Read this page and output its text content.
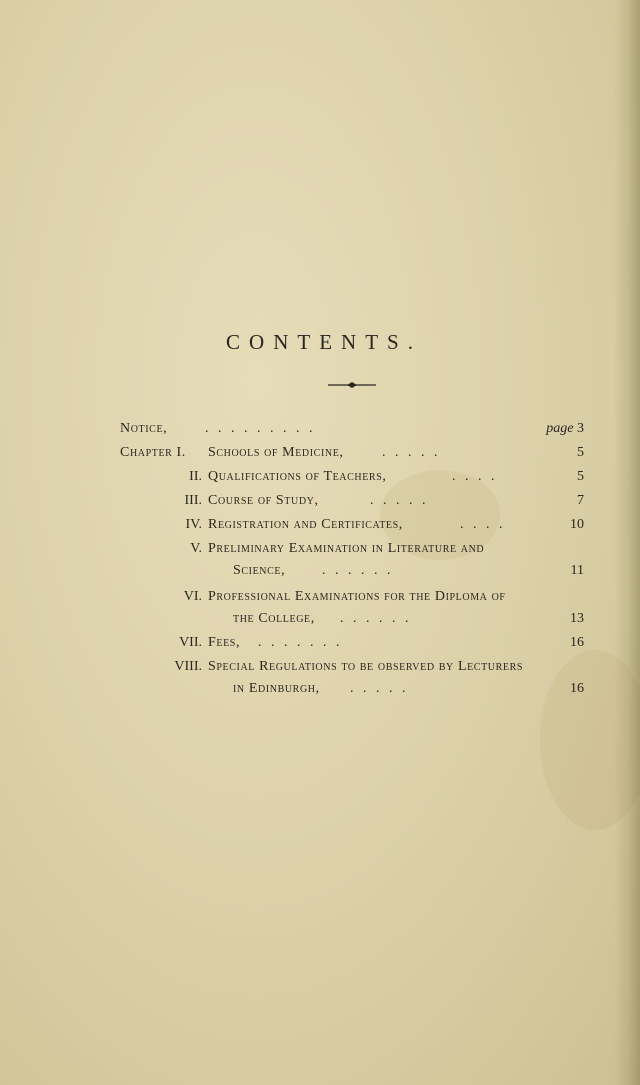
CONTENTS.
Notice,	. . . . . . . . .	page 3
Chapter I. Schools of Medicine,	. . . . .	5
II. Qualifications of Teachers,	. . . .	5
III. Course of Study,	. . . . .	7
IV. Registration and Certificates,	. . . .	10
V. Preliminary Examination in Literature and
Science,	. . . . . .	11
VI. Professional Examinations for the Diploma of
the College, . . . . . .	13
VII. Fees, . . . . . . .	16
VIII. Special Regulations to be observed by Lecturers
in Edinburgh, . . . . .	16
